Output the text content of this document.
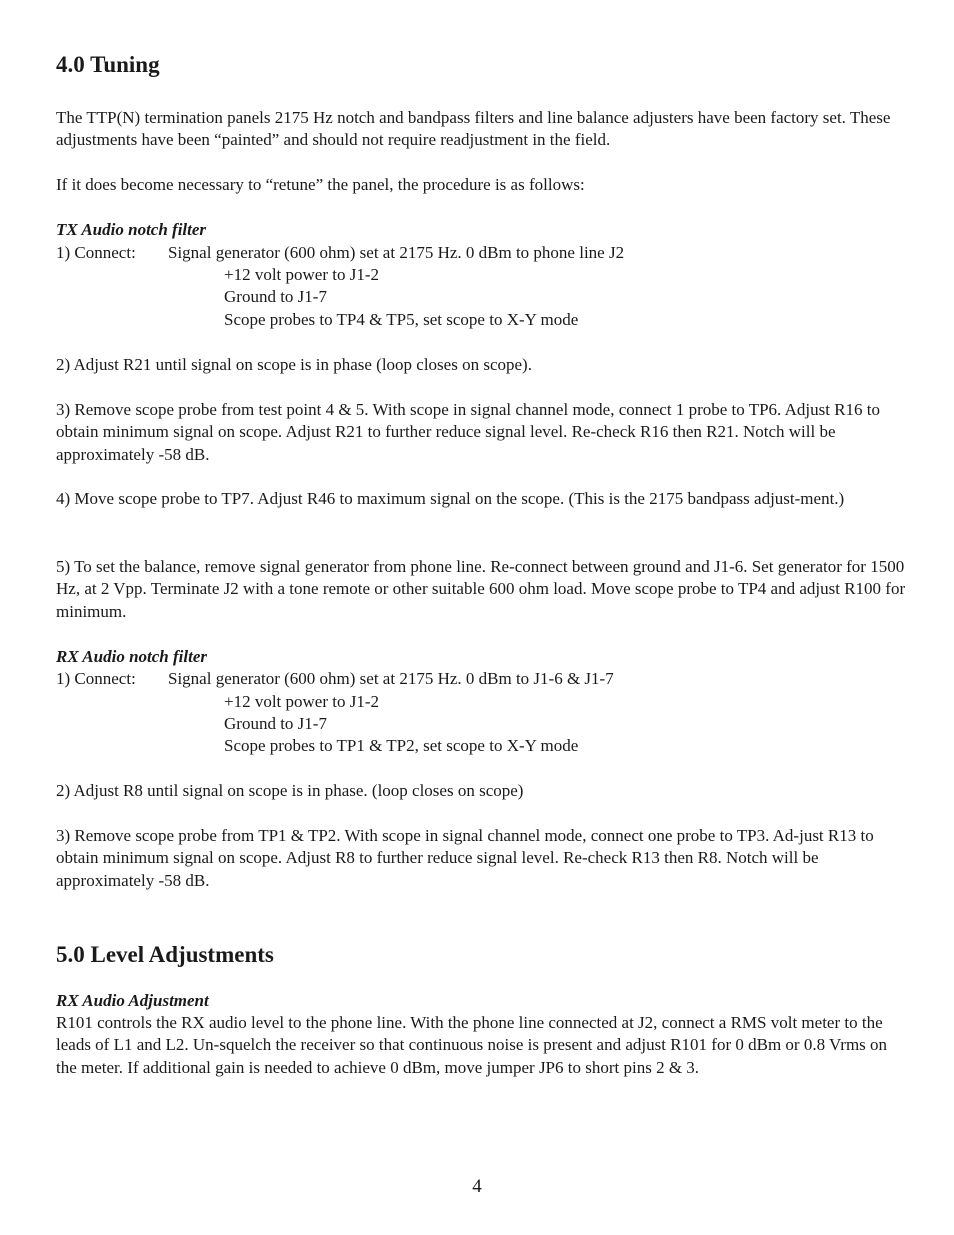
4.0 Tuning

The TTP(N) termination panels 2175 Hz notch and bandpass filters and line balance adjusters have been factory set. These adjustments have been “painted” and should not require readjustment in the field.

If it does become necessary to “retune” the panel, the procedure is as follows:

TX Audio notch filter

1) Connect: Signal generator (600 ohm) set at 2175 Hz. 0 dBm to phone line J2
+12 volt power to J1-2
Ground to J1-7
Scope probes to TP4 & TP5, set scope to X-Y mode

2) Adjust R21 until signal on scope is in phase (loop closes on scope).

3) Remove scope probe from test point 4 & 5. With scope in signal channel mode, connect 1 probe to TP6. Adjust R16 to obtain minimum signal on scope. Adjust R21 to further reduce signal level. Re-check R16 then R21. Notch will be approximately -58 dB.

4) Move scope probe to TP7. Adjust R46 to maximum signal on the scope. (This is the 2175 bandpass adjust-ment.)

5) To set the balance, remove signal generator from phone line. Re-connect between ground and J1-6. Set generator for 1500 Hz, at 2 Vpp. Terminate J2 with a tone remote or other suitable 600 ohm load. Move scope probe to TP4 and adjust R100 for minimum.

RX Audio notch filter

1) Connect: Signal generator (600 ohm) set at 2175 Hz. 0 dBm to J1-6 & J1-7
+12 volt power to J1-2
Ground to J1-7
Scope probes to TP1 & TP2, set scope to X-Y mode

2) Adjust R8 until signal on scope is in phase. (loop closes on scope)

3) Remove scope probe from TP1 & TP2. With scope in signal channel mode, connect one probe to TP3. Ad-just R13 to obtain minimum signal on scope. Adjust R8 to further reduce signal level. Re-check R13 then R8. Notch will be approximately -58 dB.

5.0 Level Adjustments

RX Audio Adjustment

R101 controls the RX audio level to the phone line. With the phone line connected at J2, connect a RMS volt meter to the leads of L1 and L2. Un-squelch the receiver so that continuous noise is present and adjust R101 for 0 dBm or 0.8 Vrms on the meter. If additional gain is needed to achieve 0 dBm, move jumper JP6 to short pins 2 & 3.

4
